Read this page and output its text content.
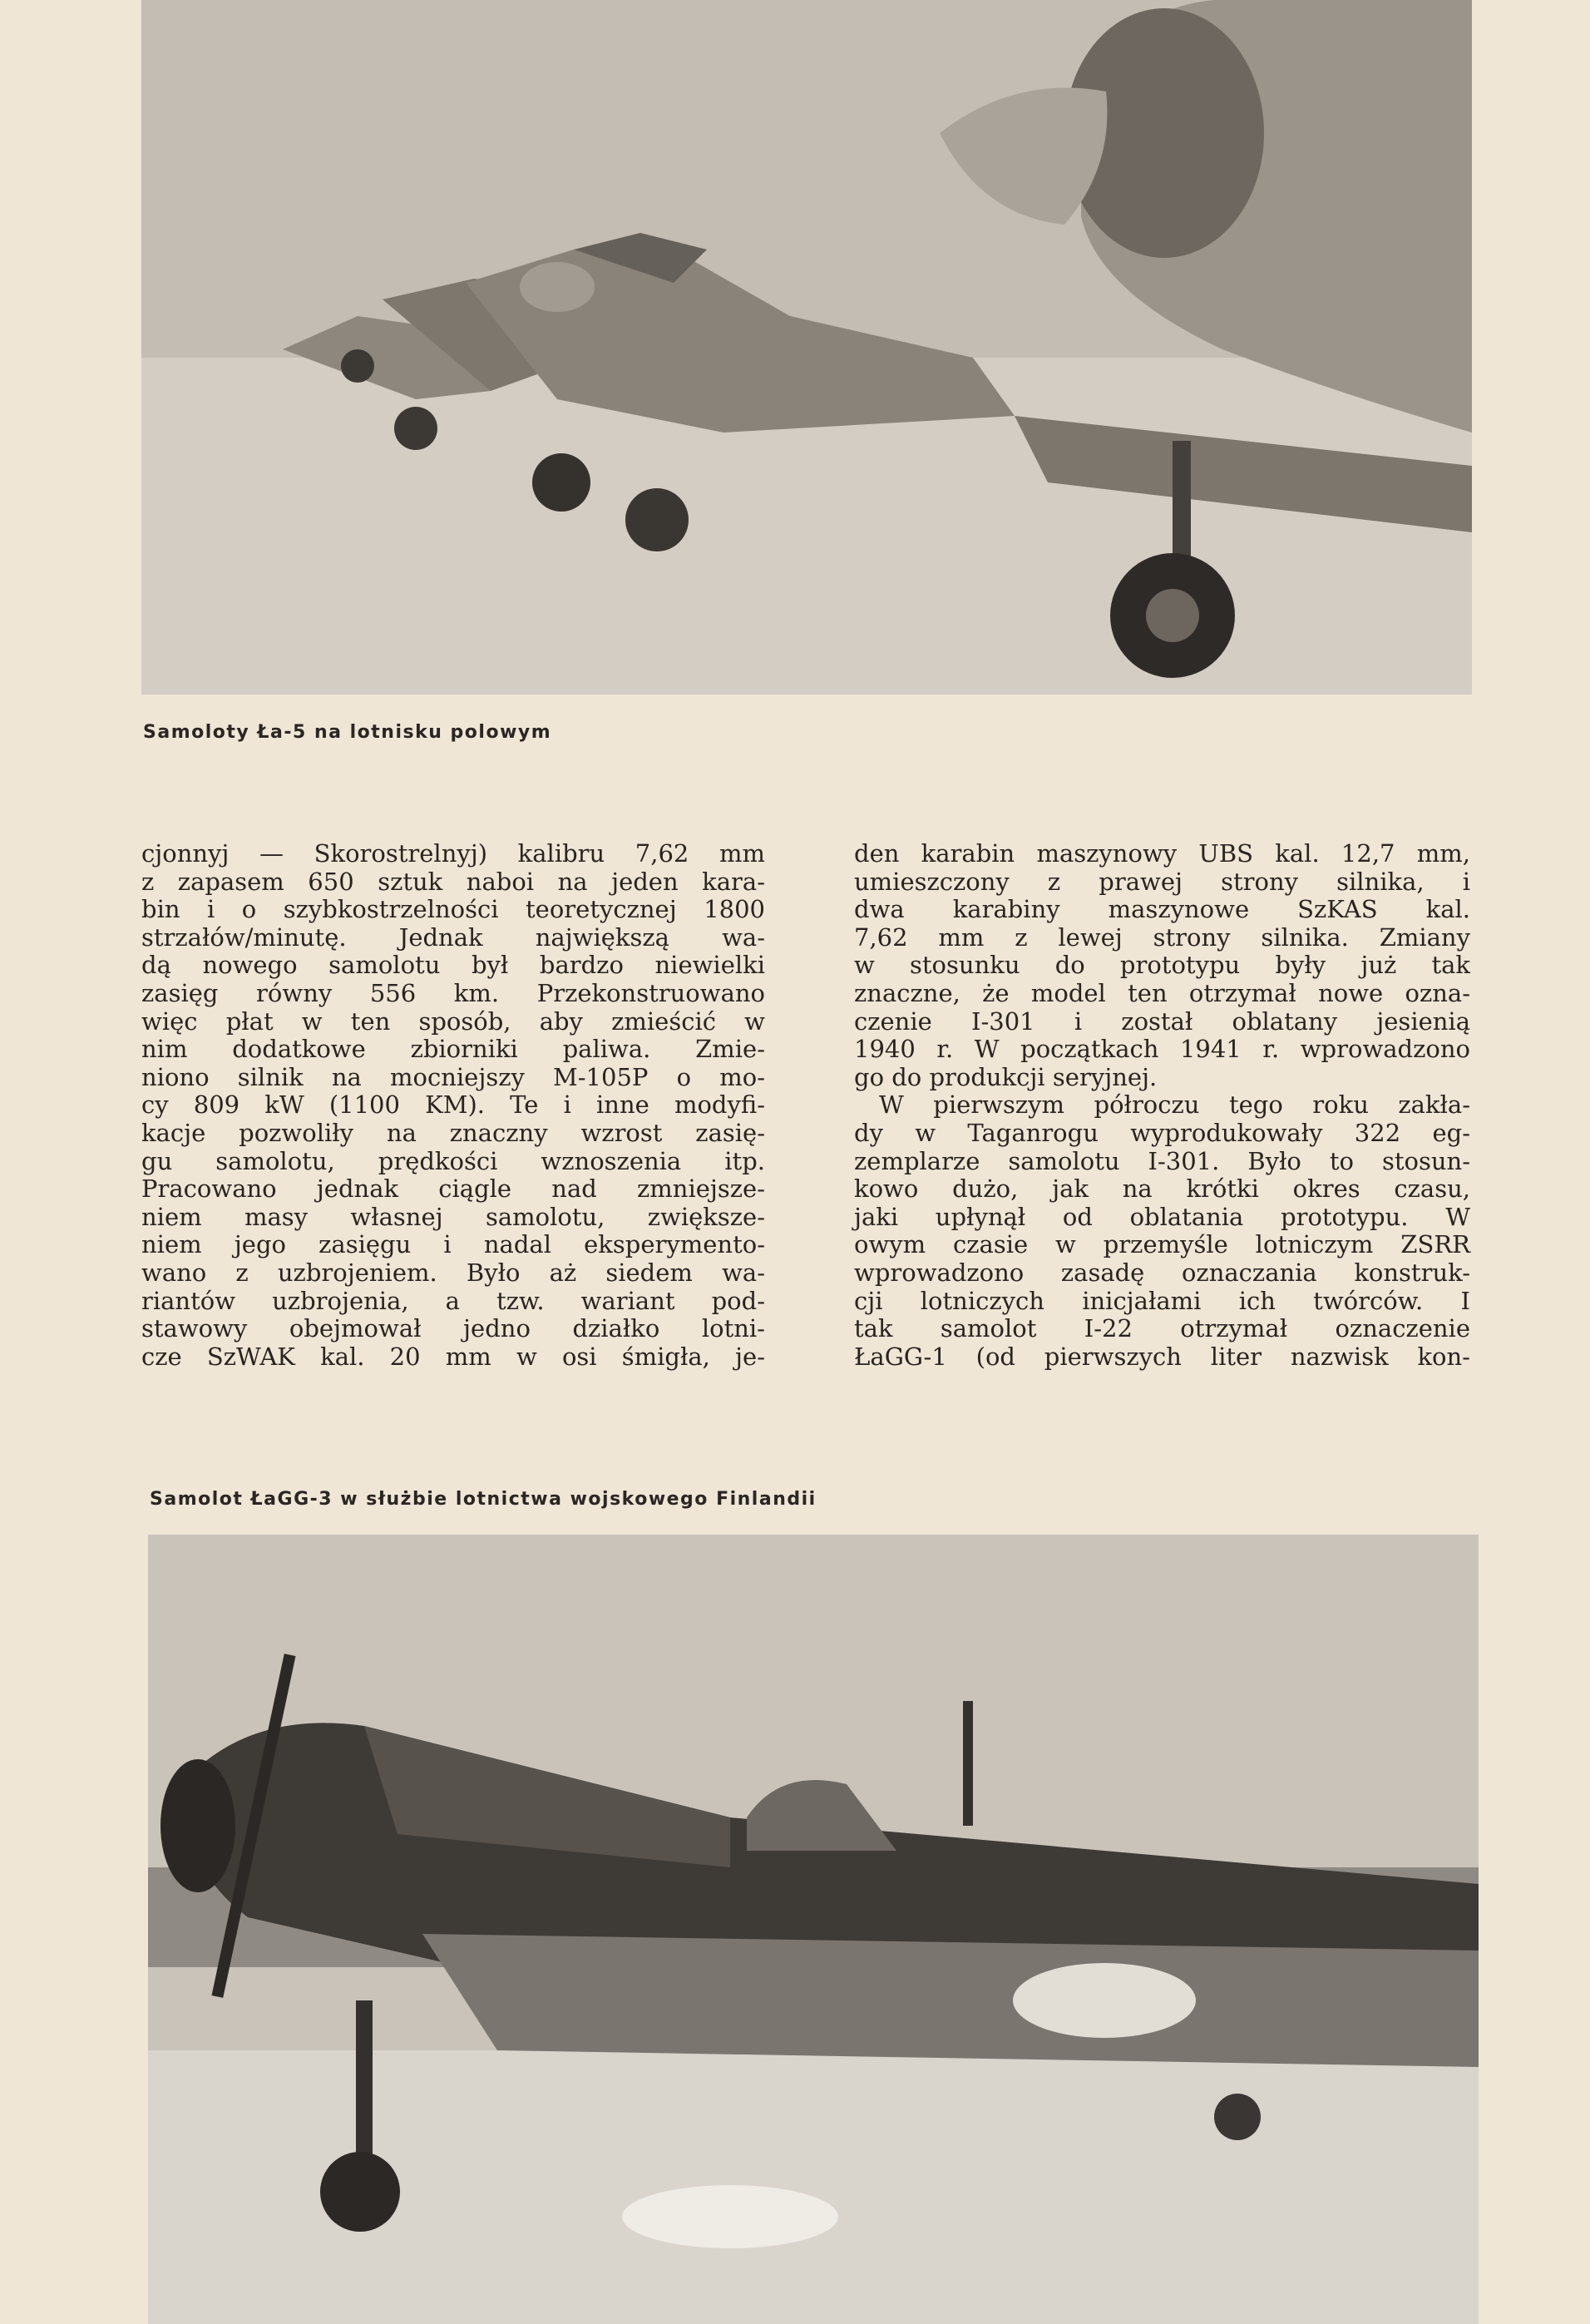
Samoloty Ła-5 na lotnisku polowym
cjonnyj — Skorostrelnyj) kalibru 7,62 mm
z zapasem 650 sztuk naboi na jeden kara-
bin i o szybkostrzelności teoretycznej 1800
strzałów/minutę. Jednak największą wa-
dą nowego samolotu był bardzo niewielki
zasięg równy 556 km. Przekonstruowano
więc płat w ten sposób, aby zmieścić w
nim dodatkowe zbiorniki paliwa. Zmie-
niono silnik na mocniejszy M-105P o mo-
cy 809 kW (1100 KM). Te i inne modyfi-
kacje pozwoliły na znaczny wzrost zasię-
gu samolotu, prędkości wznoszenia itp.
Pracowano jednak ciągle nad zmniejsze-
niem masy własnej samolotu, zwiększe-
niem jego zasięgu i nadal eksperymento-
wano z uzbrojeniem. Było aż siedem wa-
riantów uzbrojenia, a tzw. wariant pod-
stawowy obejmował jedno działko lotni-
cze SzWAK kal. 20 mm w osi śmigła, je-
den karabin maszynowy UBS kal. 12,7 mm,
umieszczony z prawej strony silnika, i
dwa karabiny maszynowe SzKAS kal.
7,62 mm z lewej strony silnika. Zmiany
w stosunku do prototypu były już tak
znaczne, że model ten otrzymał nowe ozna-
czenie I-301 i został oblatany jesienią
1940 r. W początkach 1941 r. wprowadzono
go do produkcji seryjnej.
W pierwszym półroczu tego roku zakła-
dy w Taganrogu wyprodukowały 322 eg-
zemplarze samolotu I-301. Było to stosun-
kowo dużo, jak na krótki okres czasu,
jaki upłynął od oblatania prototypu. W
owym czasie w przemyśle lotniczym ZSRR
wprowadzono zasadę oznaczania konstruk-
cji lotniczych inicjałami ich twórców. I
tak samolot I-22 otrzymał oznaczenie
ŁaGG-1 (od pierwszych liter nazwisk kon-
Samolot ŁaGG-3 w służbie lotnictwa wojskowego Finlandii
